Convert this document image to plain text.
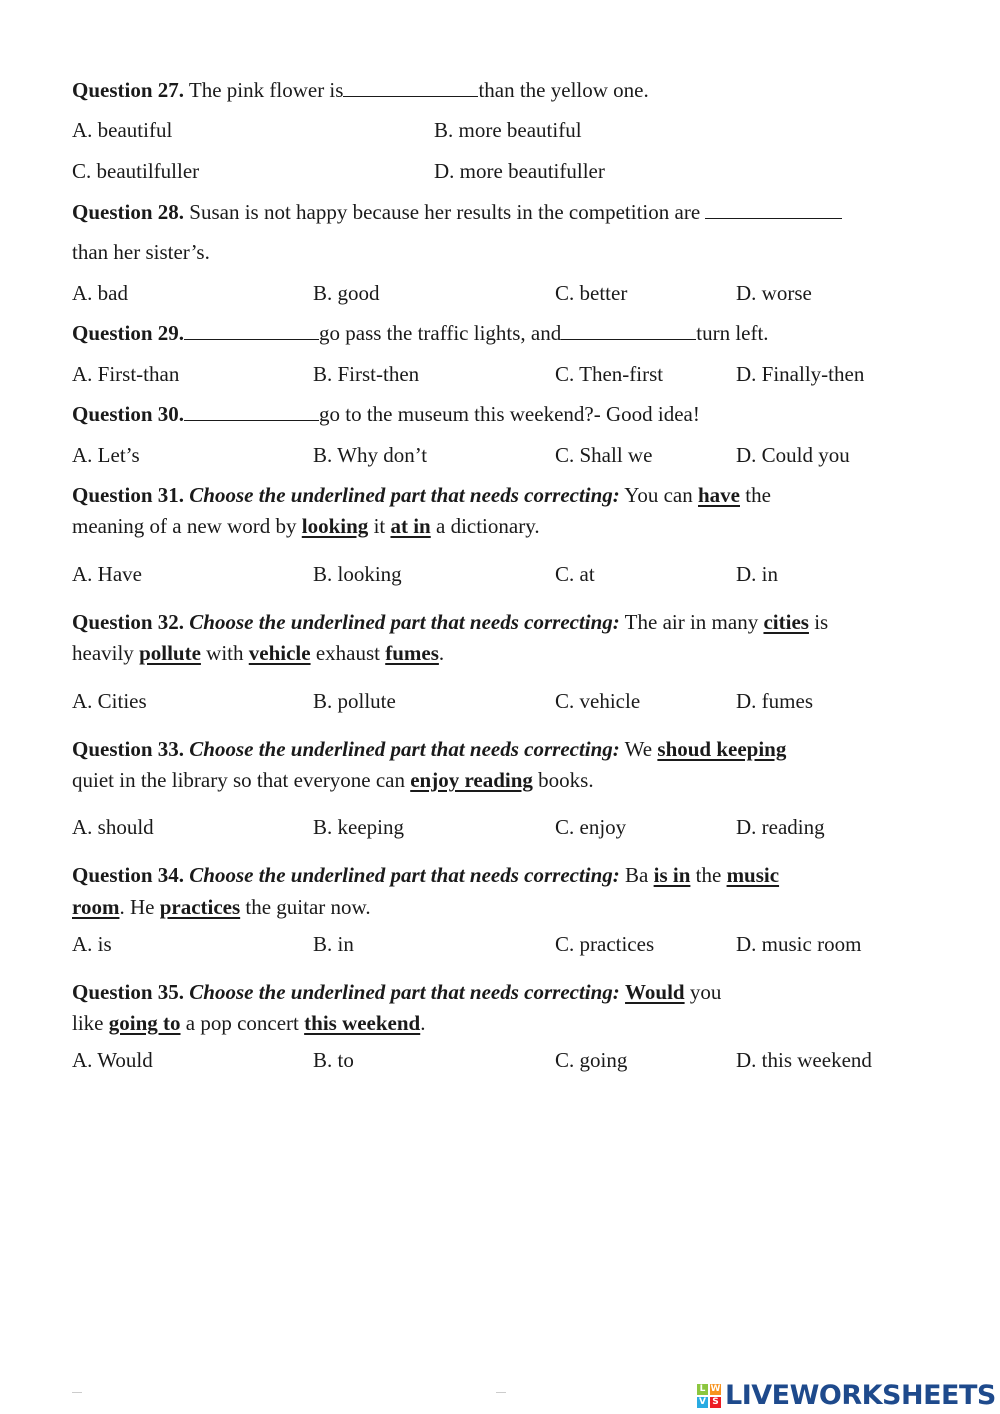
Question 27. The pink flower is	than the yellow one.
A. beautiful	B. more beautiful
C. beautilfuller	D. more beautifuller
Question 28. Susan is not happy because her results in the competition are
than her sister’s.
A. bad	B. good	C. better	D. worse
Question 29.	go pass the traffic lights, and	turn left.
A. First-than	B. First-then	C. Then-first	D. Finally-then
Question 30.	go to the museum this weekend?- Good idea!
A. Let’s	B. Why don’t	C. Shall we	D. Could you
Question 31. Choose the underlined part that needs correcting: You can have the
meaning of a new word by looking it at in a dictionary.
A. Have	B. looking	C. at	D. in
Question 32. Choose the underlined part that needs correcting: The air in many cities is
heavily pollute with vehicle exhaust fumes.
A. Cities	B. pollute	C. vehicle	D. fumes
Question 33. Choose the underlined part that needs correcting: We shoud keeping
quiet in the library so that everyone can enjoy reading books.
A. should	B. keeping	C. enjoy	D. reading
Question 34. Choose the underlined part that needs correcting: Ba is in the music
room. He practices the guitar now.
A. is	B. in	C. practices	D. music room
Question 35. Choose the underlined part that needs correcting: Would you
like going to a pop concert this weekend.
A. Would	B. to	C. going	D. this weekend
L W
V S LIVEWORKSHEETS
